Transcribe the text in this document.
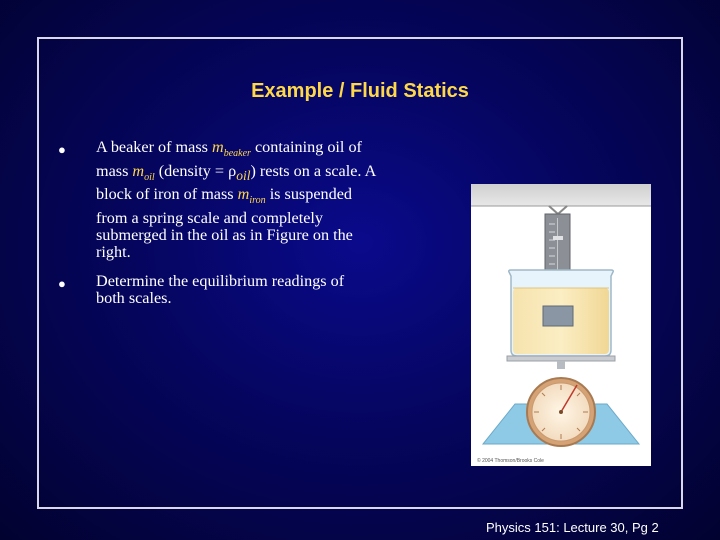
Example / Fluid Statics
●	A beaker of mass $m_{beaker}$ containing oil of
mass $m_{oil}$ (density = $\rho_{oil}$) rests on a scale. A
block of iron of mass $m_{iron}$ is suspended
from a spring scale and completely
submerged in the oil as in Figure on the
right.
●	Determine the equilibrium readings of
both scales.
© 2004 Thomson/Brooks Cole
Physics 151: Lecture 30, Pg 2
